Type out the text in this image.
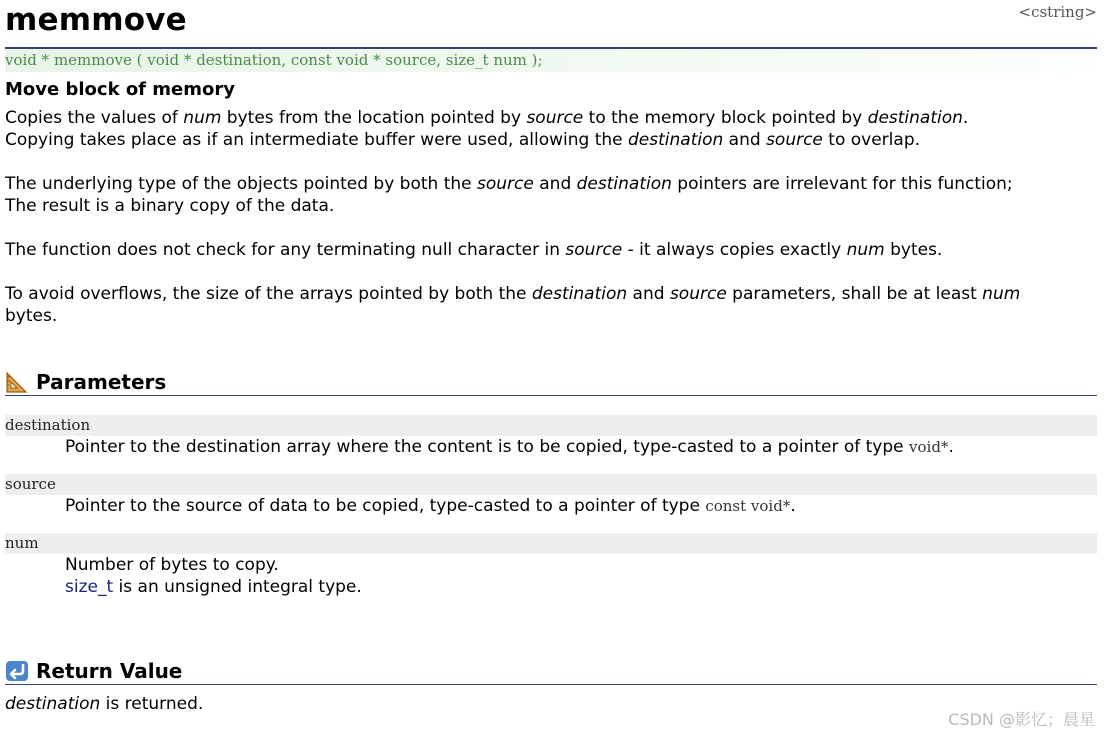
memmove	<cstring>
void * memmove ( void * destination, const void * source, size_t num );
Move block of memory
Copies the values of num bytes from the location pointed by source to the memory block pointed by destination.
Copying takes place as if an intermediate buffer were used, allowing the destination and source to overlap.
The underlying type of the objects pointed by both the source and destination pointers are irrelevant for this function;
The result is a binary copy of the data.
The function does not check for any terminating null character in source - it always copies exactly num bytes.
To avoid overflows, the size of the arrays pointed by both the destination and source parameters, shall be at least num
bytes.
Parameters
destination
Pointer to the destination array where the content is to be copied, type-casted to a pointer of type void*.
source
Pointer to the source of data to be copied, type-casted to a pointer of type const void*.
num
Number of bytes to copy.
size_t is an unsigned integral type.
Return Value
destination is returned.
CSDN @影忆；晨星
